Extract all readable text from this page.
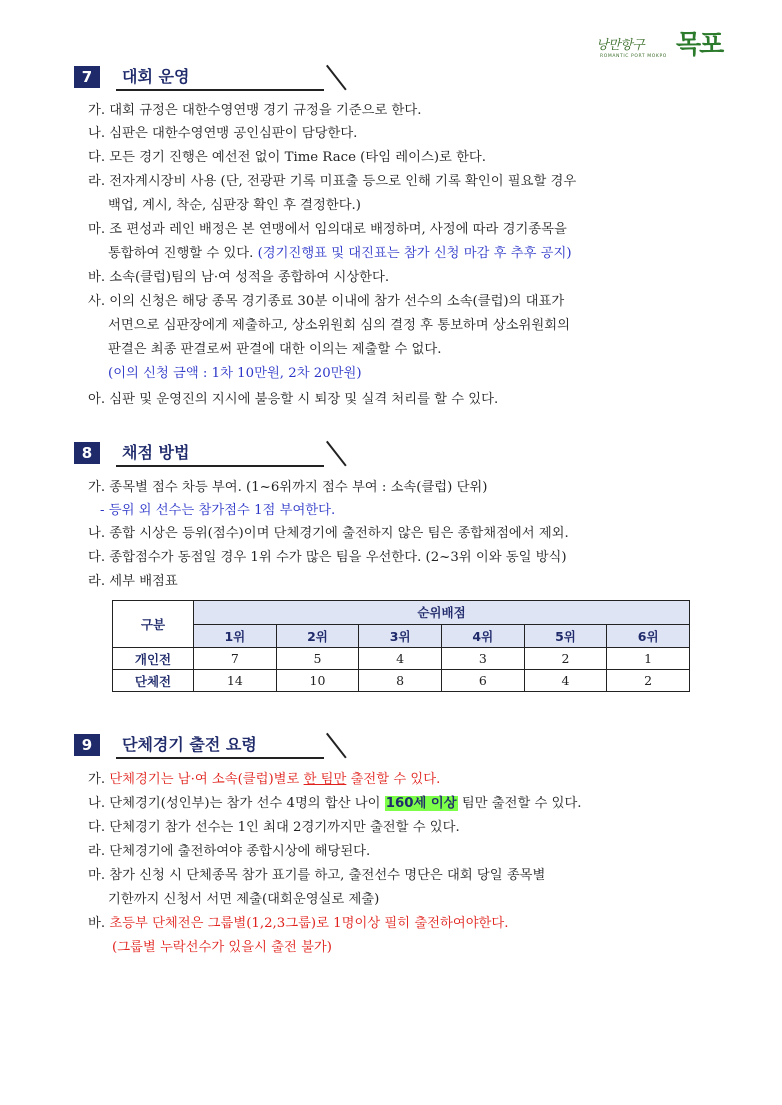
낭만항구
ROMANTIC PORT MOKPO 목포
7	대회 운영
가. 대회 규정은 대한수영연맹 경기 규정을 기준으로 한다.
나. 심판은 대한수영연맹 공인심판이 담당한다.
다. 모든 경기 진행은 예선전 없이 Time Race (타임 레이스)로 한다.
라. 전자계시장비 사용 (단, 전광판 기록 미표출 등으로 인해 기록 확인이 필요할 경우
백업, 계시, 착순, 심판장 확인 후 결정한다.)
마. 조 편성과 레인 배정은 본 연맹에서 임의대로 배정하며, 사정에 따라 경기종목을
통합하여 진행할 수 있다. (경기진행표 및 대진표는 참가 신청 마감 후 추후 공지)
바. 소속(클럽)팀의 남·여 성적을 종합하여 시상한다.
사. 이의 신청은 해당 종목 경기종료 30분 이내에 참가 선수의 소속(클럽)의 대표가
서면으로 심판장에게 제출하고, 상소위원회 심의 결정 후 통보하며 상소위원회의
판결은 최종 판결로써 판결에 대한 이의는 제출할 수 없다.
(이의 신청 금액 : 1차 10만원, 2차 20만원)
아. 심판 및 운영진의 지시에 불응할 시 퇴장 및 실격 처리를 할 수 있다.
8	채점 방법
가. 종목별 점수 차등 부여. (1~6위까지 점수 부여 : 소속(클럽) 단위)
- 등위 외 선수는 참가점수 1점 부여한다.
나. 종합 시상은 등위(점수)이며 단체경기에 출전하지 않은 팀은 종합채점에서 제외.
다. 종합점수가 동점일 경우 1위 수가 많은 팀을 우선한다. (2~3위 이와 동일 방식)
라. 세부 배점표
구분	순위배점					
	1위	2위	3위	4위	5위	6위
개인전	7	5	4	3	2	1
단체전	14	10	8	6	4	2
9	단체경기 출전 요령
가. 단체경기는 남·여 소속(클럽)별로 한 팀만 출전할 수 있다.
나. 단체경기(성인부)는 참가 선수 4명의 합산 나이 160세 이상 팀만 출전할 수 있다.
다. 단체경기 참가 선수는 1인 최대 2경기까지만 출전할 수 있다.
라. 단체경기에 출전하여야 종합시상에 해당된다.
마. 참가 신청 시 단체종목 참가 표기를 하고, 출전선수 명단은 대회 당일 종목별
기한까지 신청서 서면 제출(대회운영실로 제출)
바. 초등부 단체전은 그룹별(1,2,3그룹)로 1명이상 필히 출전하여야한다.
(그룹별 누락선수가 있을시 출전 불가)
